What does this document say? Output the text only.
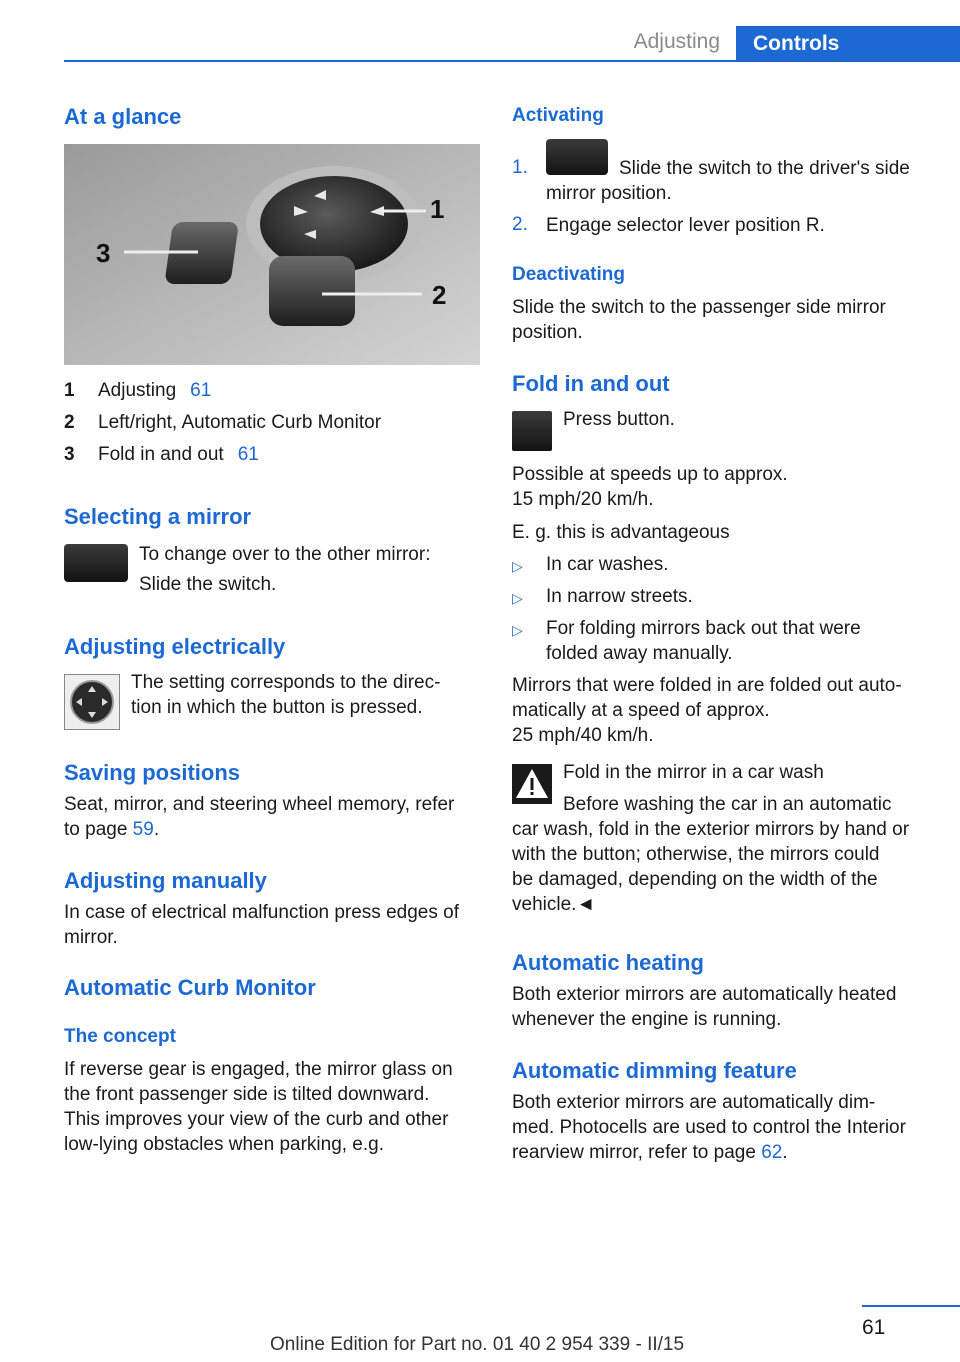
Adjusting	Controls
At a glance
1
3
2
1 Adjusting 61
2 Left/right, Automatic Curb Monitor
3 Fold in and out 61
Selecting a mirror
To change over to the other mirror:
Slide the switch.
Adjusting electrically
The setting corresponds to the direc‐
tion in which the button is pressed.
Saving positions
Seat, mirror, and steering wheel memory, refer
to page 59.
Adjusting manually
In case of electrical malfunction press edges of
mirror.
Automatic Curb Monitor
The concept
If reverse gear is engaged, the mirror glass on
the front passenger side is tilted downward.
This improves your view of the curb and other
low-lying obstacles when parking, e.g.
Activating
1.	Slide the switch to the driver's side
mirror position.
2. Engage selector lever position R.
Deactivating
Slide the switch to the passenger side mirror
position.
Fold in and out
Press button.
Possible at speeds up to approx.
15 mph/20 km/h.
E. g. this is advantageous
▷ In car washes.
▷ In narrow streets.
▷ For folding mirrors back out that were
folded away manually.
Mirrors that were folded in are folded out auto‐
matically at a speed of approx.
25 mph/40 km/h.
Fold in the mirror in a car wash
Before washing the car in an automatic
car wash, fold in the exterior mirrors by hand or
with the button; otherwise, the mirrors could
be damaged, depending on the width of the
vehicle.◄
Automatic heating
Both exterior mirrors are automatically heated
whenever the engine is running.
Automatic dimming feature
Both exterior mirrors are automatically dim‐
med. Photocells are used to control the Interior
rearview mirror, refer to page 62.
61
Online Edition for Part no. 01 40 2 954 339 - II/15
